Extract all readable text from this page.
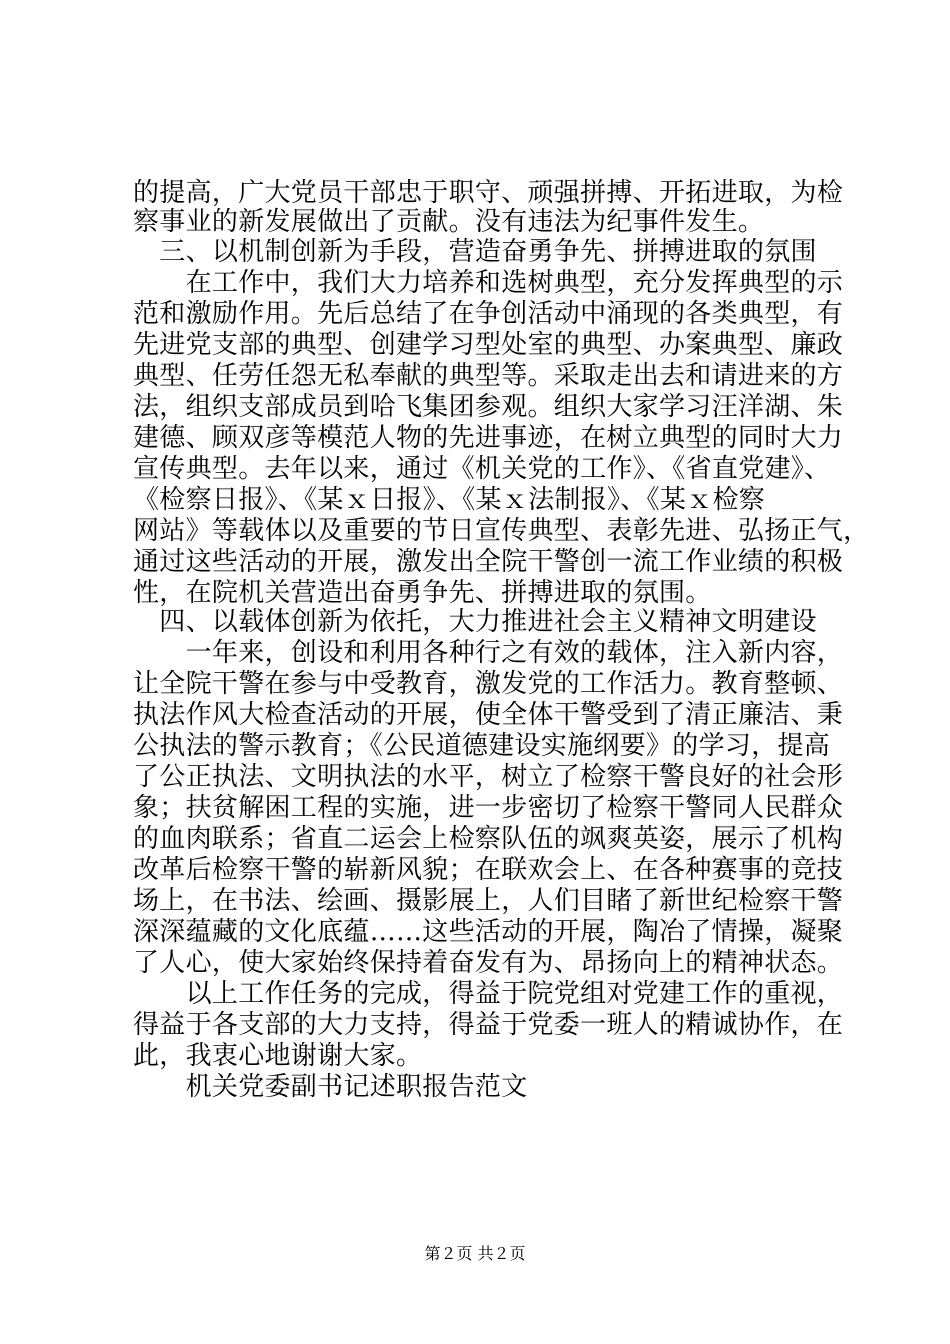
的提高，广大党员干部忠于职守、顽强拼搏、开拓进取，为检
察事业的新发展做出了贡献。没有违法为纪事件发生。
　三、以机制创新为手段，营造奋勇争先、拼搏进取的氛围
　　在工作中，我们大力培养和选树典型，充分发挥典型的示
范和激励作用。先后总结了在争创活动中涌现的各类典型，有
先进党支部的典型、创建学习型处室的典型、办案典型、廉政
典型、任劳任怨无私奉献的典型等。采取走出去和请进来的方
法，组织支部成员到哈飞集团参观。组织大家学习汪洋湖、朱
建德、顾双彦等模范人物的先进事迹，在树立典型的同时大力
宣传典型。去年以来，通过《机关党的工作》、《省直党建》、
《检察日报》、《某ｘ日报》、《某ｘ法制报》、《某ｘ检察
网站》等载体以及重要的节日宣传典型、表彰先进、弘扬正气，
通过这些活动的开展，激发出全院干警创一流工作业绩的积极
性，在院机关营造出奋勇争先、拼搏进取的氛围。
　四、以载体创新为依托，大力推进社会主义精神文明建设
　　一年来，创设和利用各种行之有效的载体，注入新内容，
让全院干警在参与中受教育，激发党的工作活力。教育整顿、
执法作风大检查活动的开展，使全体干警受到了清正廉洁、秉
公执法的警示教育；《公民道德建设实施纲要》的学习，提高
了公正执法、文明执法的水平，树立了检察干警良好的社会形
象；扶贫解困工程的实施，进一步密切了检察干警同人民群众
的血肉联系；省直二运会上检察队伍的飒爽英姿，展示了机构
改革后检察干警的崭新风貌；在联欢会上、在各种赛事的竞技
场上，在书法、绘画、摄影展上，人们目睹了新世纪检察干警
深深蕴藏的文化底蕴……这些活动的开展，陶冶了情操，凝聚
了人心，使大家始终保持着奋发有为、昂扬向上的精神状态。
　　以上工作任务的完成，得益于院党组对党建工作的重视，
得益于各支部的大力支持，得益于党委一班人的精诚协作，在
此，我衷心地谢谢大家。
　　机关党委副书记述职报告范文
第２页 共２页
